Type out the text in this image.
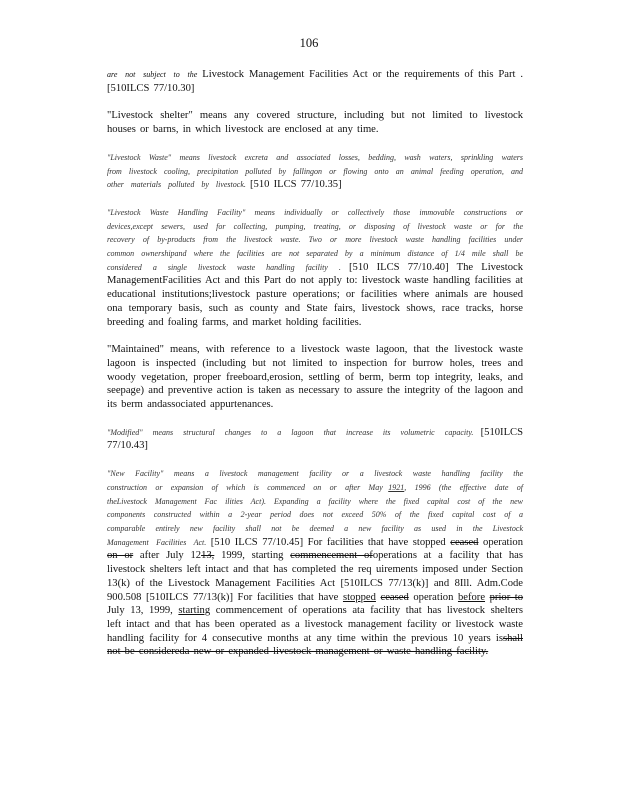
106

are not subject to the Livestock Management Facilities Act or the requirements of this Part .[510ILCS 77/10.30]

"Livestock shelter" means any covered structure, including but not limited to livestock houses or barns, in which livestock are enclosed at any time.

"Livestock Waste" means livestock excreta and associated losses, bedding, wash waters, sprinkling waters from livestock cooling, precipitation polluted by fallingon or flowing onto an animal feeding operation, and other materials polluted by livestock. [510 ILCS 77/10.35]

"Livestock Waste Handling Facility" means individually or collectively those immovable constructions or devices,except sewers, used for collecting, pumping, treating, or disposing of livestock waste or for the recovery of by-products from the livestock waste. Two or more livestock waste handling facilities under common ownershipand where the facilities are not separated by a minimum distance of 1/4 mile shall be considered a single livestock waste handling facility . [510 ILCS 77/10.40] The Livestock ManagementFacilities Act and this Part do not apply to: livestock waste handling facilities at educational institutions;livestock pasture operations; or facilities where animals are housed ona temporary basis, such as county and State fairs, livestock shows, race tracks, horse breeding and foaling farms, and market holding facilities.

"Maintained" means, with reference to a livestock waste lagoon, that the livestock waste lagoon is inspected (including but not limited to inspection for burrow holes, trees and woody vegetation, proper freeboard,erosion, settling of berm, berm top integrity, leaks, and seepage) and preventive action is taken as necessary to assure the integrity of the lagoon and its berm andassociated appurtenances.

"Modified" means structural changes to a lagoon that increase its volumetric capacity. [510ILCS 77/10.43]

"New Facility" means a livestock management facility or a livestock waste handling facility the construction or expansion of which is commenced on or after May 1921, 1996 (the effective date of theLivestock Management Fac ilities Act). Expanding a facility where the fixed capital cost of the new components constructed within a 2-year period does not exceed 50% of the fixed capital cost of a comparable entirely new facility shall not be deemed a new facility as used in the Livestock Management Facilities Act. [510 ILCS 77/10.45] For facilities that have stopped ceased operation on or after July 1213, 1999, starting commencement ofoperations at a facility that has livestock shelters left intact and that has completed the req uirements imposed under Section 13(k) of the Livestock Management Facilities Act [510ILCS 77/13(k)] and 8Ill. Adm.Code 900.508 [510ILCS 77/13(k)] For facilities that have stopped ceased operation before prior to July 13, 1999, starting commencement of operations ata facility that has livestock shelters left intact and that has been operated as a livestock management facility or livestock waste handling facility for 4 consecutive months at any time within the previous 10 years isshall not be considereda new or expanded livestock management or waste handling facility.
